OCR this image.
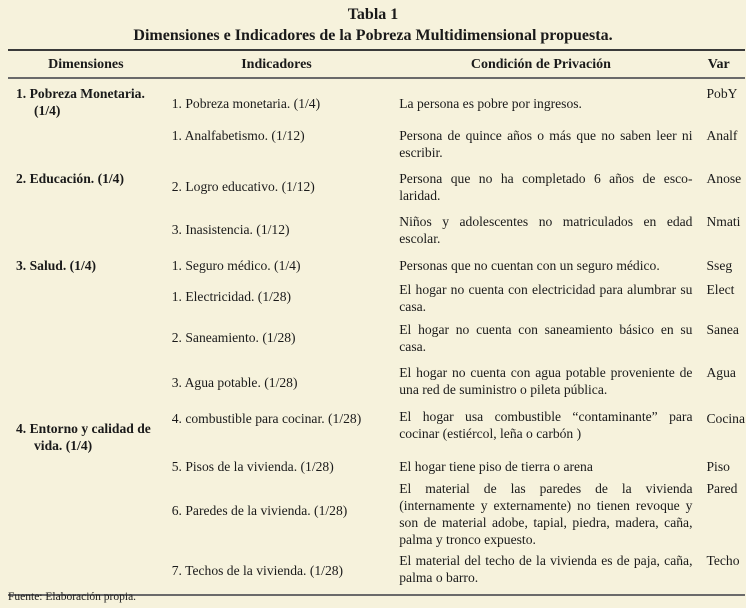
Tabla 1
Dimensiones e Indicadores de la Pobreza Multidimensional propuesta.
Dimensiones	Indicadores	Condición de Privación	Var

1. Pobreza Monetaria. (1/4)	1. Pobreza monetaria. (1/4)	La persona es pobre por ingresos.	PobY

	1. Analfabetismo. (1/12)	Persona de quince años o más que no saben leer ni escribir.	Analf

2. Educación. (1/4)	2. Logro educativo. (1/12)	Persona que no ha completado 6 años de esco-laridad.	Anose

	3. Inasistencia. (1/12)	Niños y adolescentes no matriculados en edad escolar.	Nmati

3. Salud. (1/4)	1. Seguro médico. (1/4)	Personas que no cuentan con un seguro médico.	Sseg

	1. Electricidad. (1/28)	El hogar no cuenta con electricidad para alumbrar su casa.	Elect

	2. Saneamiento. (1/28)	El hogar no cuenta con saneamiento básico en su casa.	Sanea

	3. Agua potable. (1/28)	El hogar no cuenta con agua potable proveniente de una red de suministro o pileta pública.	Agua

4. Entorno y calidad de vida. (1/4)	4. combustible para cocinar. (1/28)	El hogar usa combustible “contaminante” para cocinar (estiércol, leña o carbón )	Cocina

	5. Pisos de la vivienda. (1/28)	El hogar tiene piso de tierra o arena	Piso

	6. Paredes de la vivienda. (1/28)	El material de las paredes de la vivienda (internamente y externamente) no tienen revoque y son de material adobe, tapial, piedra, madera, caña, palma y tronco expuesto.	Pared

	7. Techos de la vivienda. (1/28)	El material del techo de la vivienda es de paja, caña, palma o barro.	Techo
Fuente: Elaboración propia.
